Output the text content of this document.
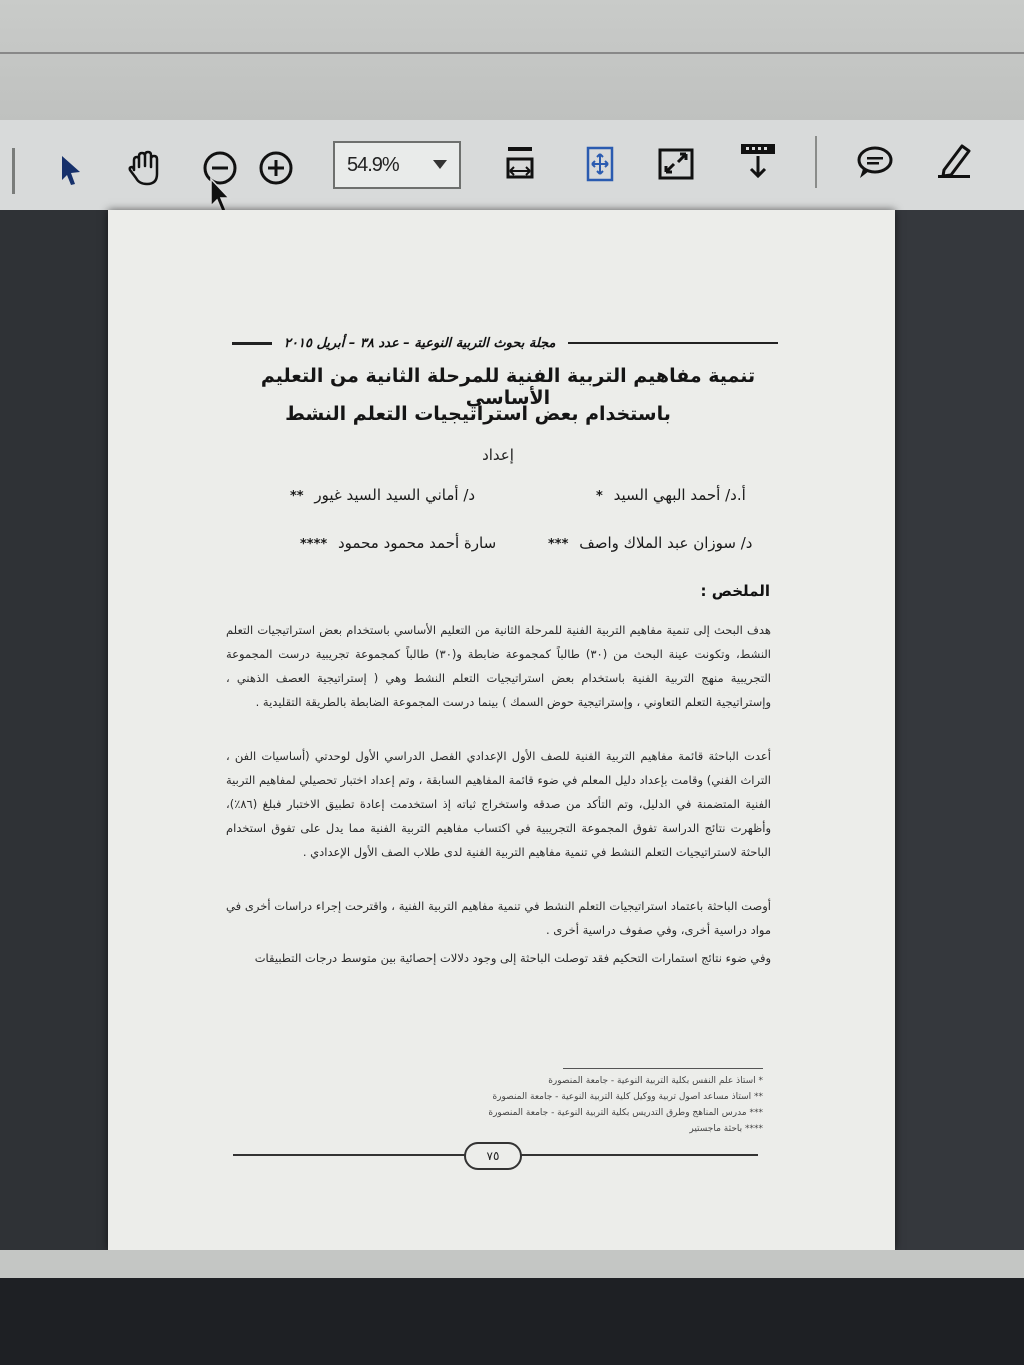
54.9%
مجلة بحوث التربية النوعية – عدد ٣٨ – أبريل ٢٠١٥
تنمية مفاهيم التربية الفنية للمرحلة الثانية من التعليم الأساسي
باستخدام بعض استراتيجيات التعلم النشط
إعداد
أ.د/ أحمد البهي السيد *
د/ أماني السيد السيد غيور **
د/ سوزان عبد الملاك واصف ***
سارة أحمد محمود محمود ****
الملخص :
هدف البحث إلى تنمية مفاهيم التربية الفنية للمرحلة الثانية من التعليم الأساسي باستخدام بعض استراتيجيات التعلم النشط، وتكونت عينة البحث من (٣٠) طالباً كمجموعة ضابطة و(٣٠) طالباً كمجموعة تجريبية درست المجموعة التجريبية منهج التربية الفنية باستخدام بعض استراتيجيات التعلم النشط وهي ( إستراتيجية العصف الذهني ، وإستراتيجية التعلم التعاوني ، وإستراتيجية حوض السمك ) بينما درست المجموعة الضابطة بالطريقة التقليدية .
أعدت الباحثة قائمة مفاهيم التربية الفنية للصف الأول الإعدادي الفصل الدراسي الأول لوحدتي (أساسيات الفن ، التراث الفني) وقامت بإعداد دليل المعلم في ضوء قائمة المفاهيم السابقة ، وتم إعداد اختبار تحصيلي لمفاهيم التربية الفنية المتضمنة في الدليل، وتم التأكد من صدقه واستخراج ثباته إذ استخدمت إعادة تطبيق الاختبار فبلغ (٨٦٪)، وأظهرت نتائج الدراسة تفوق المجموعة التجريبية في اكتساب مفاهيم التربية الفنية مما يدل على تفوق استخدام الباحثة لاستراتيجيات التعلم النشط في تنمية مفاهيم التربية الفنية لدى طلاب الصف الأول الإعدادي .
أوصت الباحثة باعتماد استراتيجيات التعلم النشط في تنمية مفاهيم التربية الفنية ، واقترحت إجراء دراسات أخرى في مواد دراسية أخرى، وفي صفوف دراسية أخرى .
وفي ضوء نتائج استمارات التحكيم فقد توصلت الباحثة إلى وجود دلالات إحصائية بين متوسط درجات التطبيقات
* أستاذ علم النفس بكلية التربية النوعية - جامعة المنصورة
** أستاذ مساعد أصول تربية ووكيل كلية التربية النوعية - جامعة المنصورة
*** مدرس المناهج وطرق التدريس بكلية التربية النوعية - جامعة المنصورة
**** باحثة ماجستير
٧٥
